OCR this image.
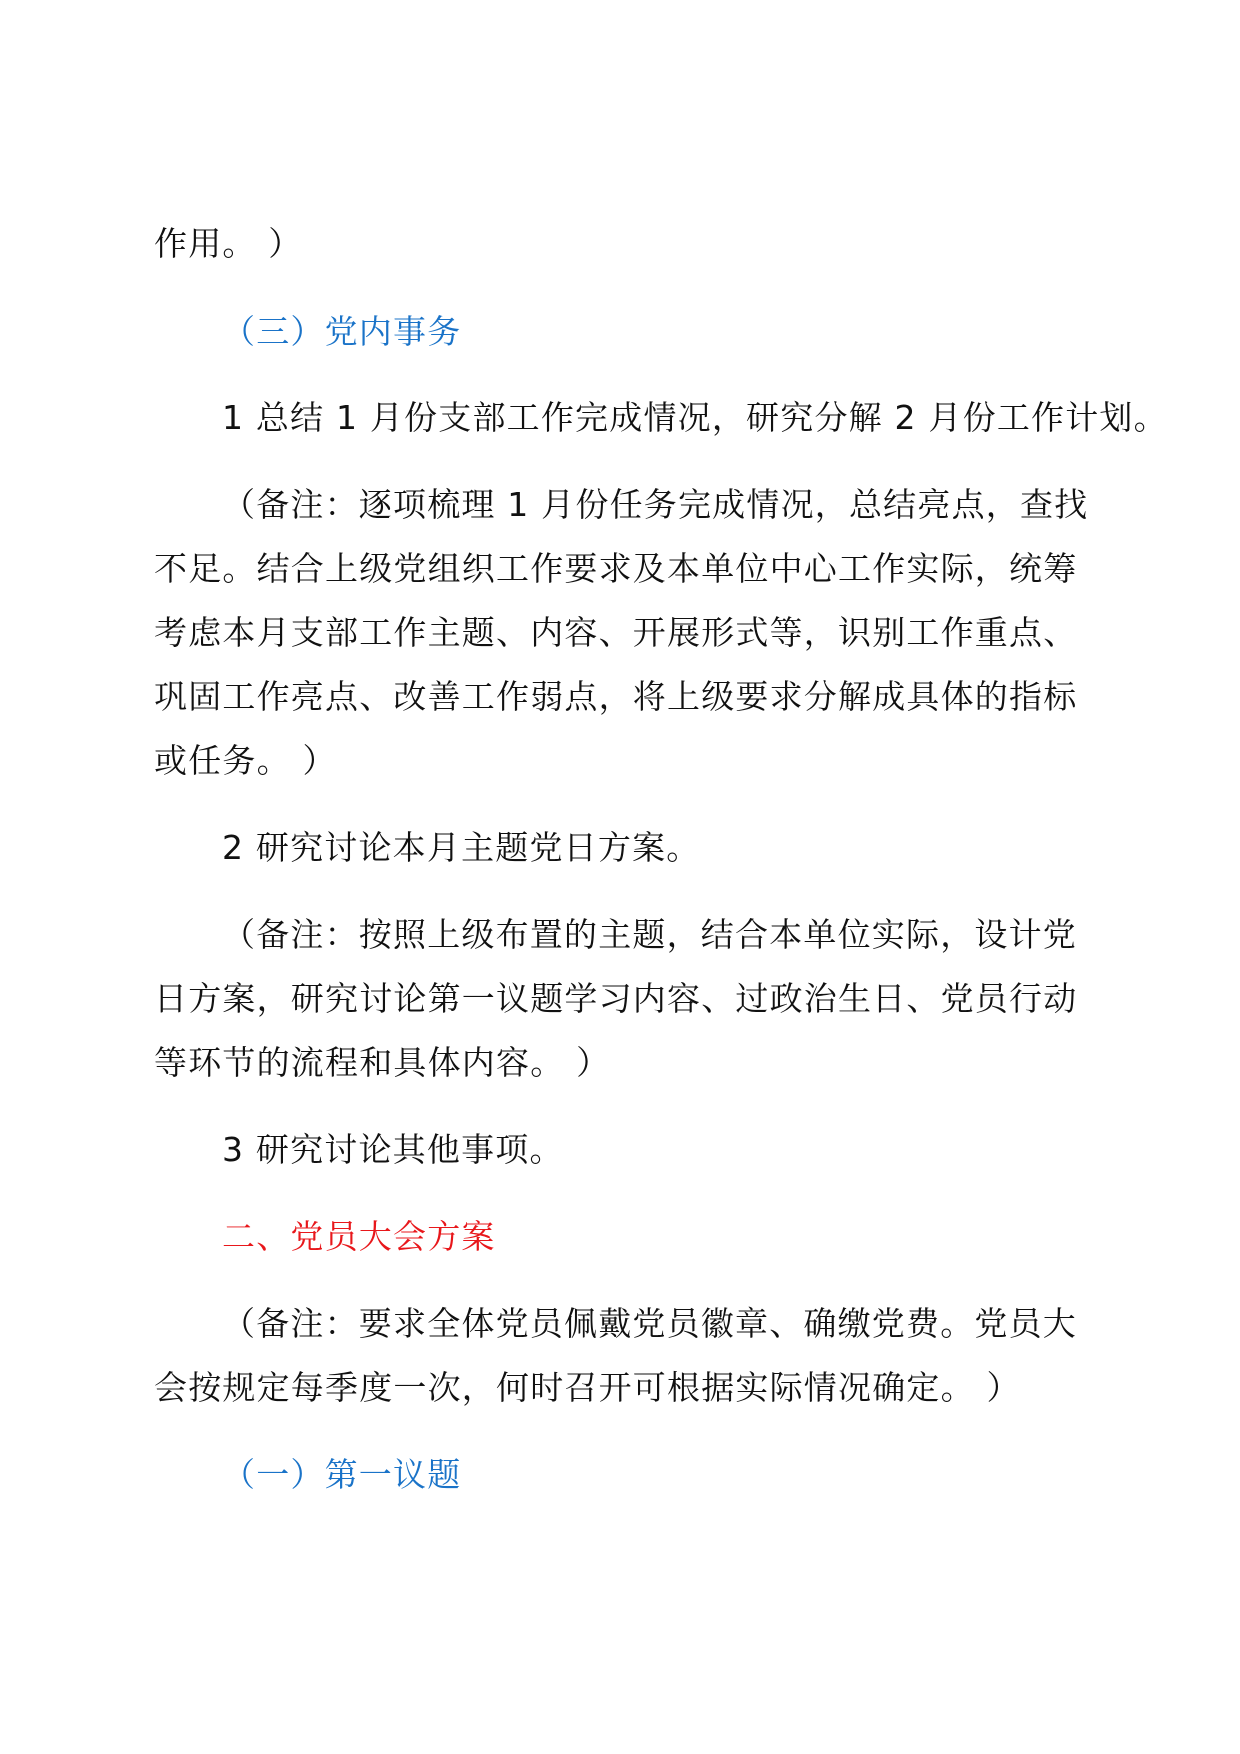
作用。 ）
（三）党内事务
1 总结 1 月份支部工作完成情况，研究分解 2 月份工作计划。
（备注：逐项梳理 1 月份任务完成情况，总结亮点，查找
不足。结合上级党组织工作要求及本单位中心工作实际，统筹
考虑本月支部工作主题、内容、开展形式等，识别工作重点、
巩固工作亮点、改善工作弱点，将上级要求分解成具体的指标
或任务。 ）
2 研究讨论本月主题党日方案。
（备注：按照上级布置的主题，结合本单位实际，设计党
日方案，研究讨论第一议题学习内容、过政治生日、党员行动
等环节的流程和具体内容。 ）
3 研究讨论其他事项。
二、党员大会方案
（备注：要求全体党员佩戴党员徽章、确缴党费。党员大
会按规定每季度一次，何时召开可根据实际情况确定。 ）
（一）第一议题
